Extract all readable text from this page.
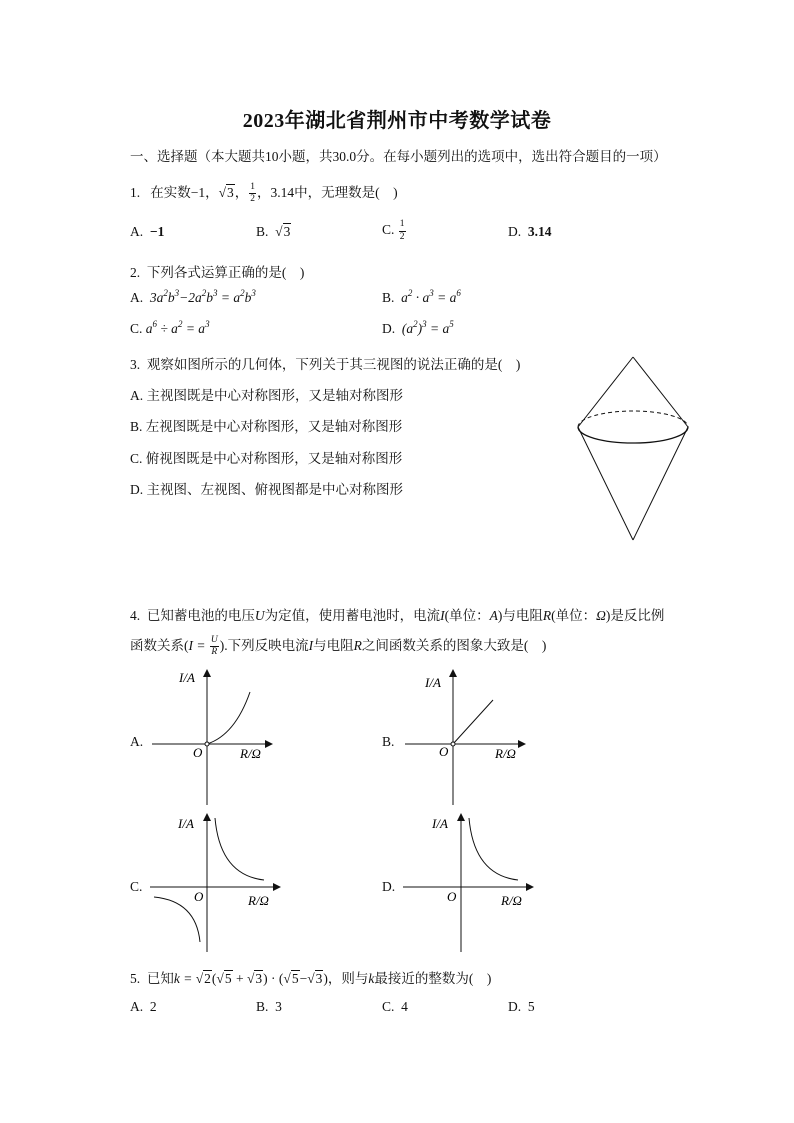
2023年湖北省荆州市中考数学试卷
一、选择题（本大题共10小题，共30.0分。在每小题列出的选项中，选出符合题目的一项）
1. 在实数−1，√3， $\frac{1}{2}$ ，3.14中，无理数是(　)
A. −1	B. √3	C. $\frac{1}{2}$	D. 3.14
2. 下列各式运算正确的是(　)
A. $3a^2b^3-2a^2b^3 = a^2b^3$	B. $a^2 \cdot a^3 = a^6$
C. $a^6 \div a^2 = a^3$	D. $(a^2)^3 = a^5$
3. 观察如图所示的几何体，下列关于其三视图的说法正确的是(　)
A. 主视图既是中心对称图形，又是轴对称图形
B. 左视图既是中心对称图形，又是轴对称图形
C. 俯视图既是中心对称图形，又是轴对称图形
D. 主视图、左视图、俯视图都是中心对称图形
4. 已知蓄电池的电压U为定值，使用蓄电池时，电流I(单位：A)与电阻R(单位：Ω)是反比例
函数关系($I = \frac{U}{R}$ ).下列反映电流I与电阻R之间函数关系的图象大致是(　)
A.	B.
C.	D.
I/A
O	R/Ω
I/A
O	R/Ω
I/A
O	R/Ω
I/A
O	R/Ω
5. 已知k = √2(√5 + √3) · (√5−√3)，则与k最接近的整数为(　)
A. 2	B. 3	C. 4	D. 5
